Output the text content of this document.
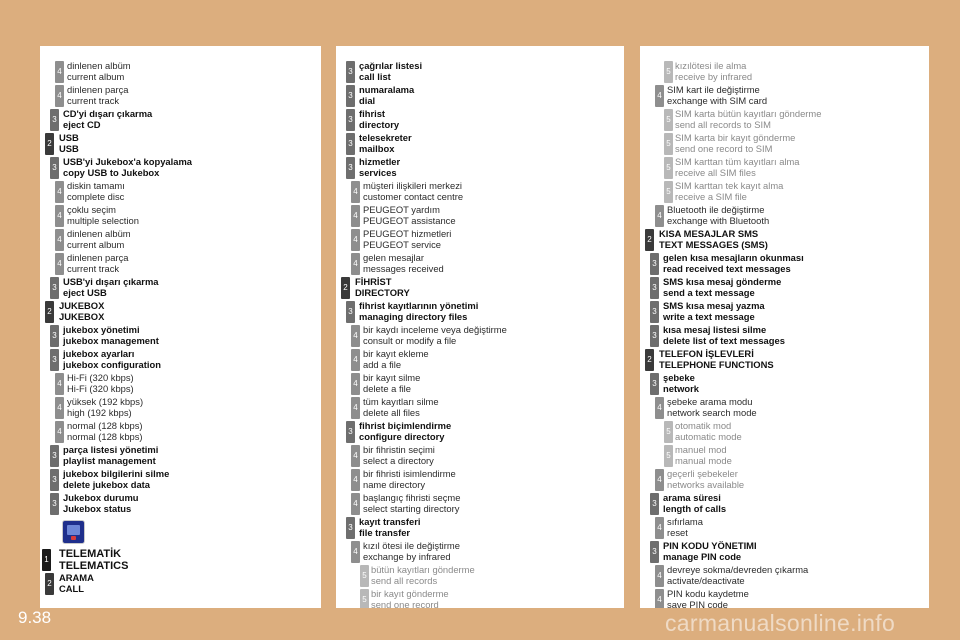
4
dinlenen albüm
current album
4
dinlenen parça
current track
3
CD'yi dışarı çıkarma
eject CD
2
USB
USB
3
USB'yi Jukebox'a kopyalama
copy USB to Jukebox
4
diskin tamamı
complete disc
4
çoklu seçim
multiple selection
4
dinlenen albüm
current album
4
dinlenen parça
current track
3
USB'yi dışarı çıkarma
eject USB
2
JUKEBOX
JUKEBOX
3
jukebox yönetimi
jukebox management
3
jukebox ayarları
jukebox configuration
4
Hi-Fi (320 kbps)
Hi-Fi (320 kbps)
4
yüksek (192 kbps)
high (192 kbps)
4
normal (128 kbps)
normal (128 kbps)
3
parça listesi yönetimi
playlist management
3
jukebox bilgilerini silme
delete jukebox data
3
Jukebox durumu
Jukebox status
1 TELEMATİK
TELEMATICS
2
ARAMA
CALL
3
çağrılar listesi
call list
3
numaralama
dial
3
fihrist
directory
3
telesekreter
mailbox
3
hizmetler
services
4
müşteri ilişkileri merkezi
customer contact centre
4
PEUGEOT yardım
PEUGEOT assistance
4
PEUGEOT hizmetleri
PEUGEOT service
4
gelen mesajlar
messages received
2
FİHRİST
DIRECTORY
3
fihrist kayıtlarının yönetimi
managing directory files
4
bir kaydı inceleme veya değiştirme
consult or modify a file
4
bir kayıt ekleme
add a file
4
bir kayıt silme
delete a file
4
tüm kayıtları silme
delete all files
3
fihrist biçimlendirme
configure directory
4
bir fihristin seçimi
select a directory
4
bir fihristi isimlendirme
name directory
4
başlangıç fihristi seçme
select starting directory
3
kayıt transferi
file transfer
4
kızıl ötesi ile değiştirme
exchange by infrared
5
bütün kayıtları gönderme
send all records
5
bir kayıt gönderme
send one record
5
kızılötesi ile alma
receive by infrared
4
SIM kart ile değiştirme
exchange with SIM card
5
SIM karta bütün kayıtları gönderme
send all records to SIM
5
SIM karta bir kayıt gönderme
send one record to SIM
5
SIM karttan tüm kayıtları alma
receive all SIM files
5
SIM karttan tek kayıt alma
receive a SIM file
4
Bluetooth ile değiştirme
exchange with Bluetooth
2
KISA MESAJLAR SMS
TEXT MESSAGES (SMS)
3
gelen kısa mesajların okunması
read received text messages
3
SMS kısa mesaj gönderme
send a text message
3
SMS kısa mesaj yazma
write a text message
3
kısa mesaj listesi silme
delete list of text messages
2
TELEFON İŞLEVLERİ
TELEPHONE FUNCTIONS
3
şebeke
network
4
şebeke arama modu
network search mode
5
otomatik mod
automatic mode
5
manuel mod
manual mode
4
geçerli şebekeler
networks available
3
arama süresi
length of calls
4
sıfırlama
reset
3
PIN KODU YÖNETIMI
manage PIN code
4
devreye sokma/devreden çıkarma
activate/deactivate
4
PIN kodu kaydetme
save PIN code
9.38	carmanualsonline.info
